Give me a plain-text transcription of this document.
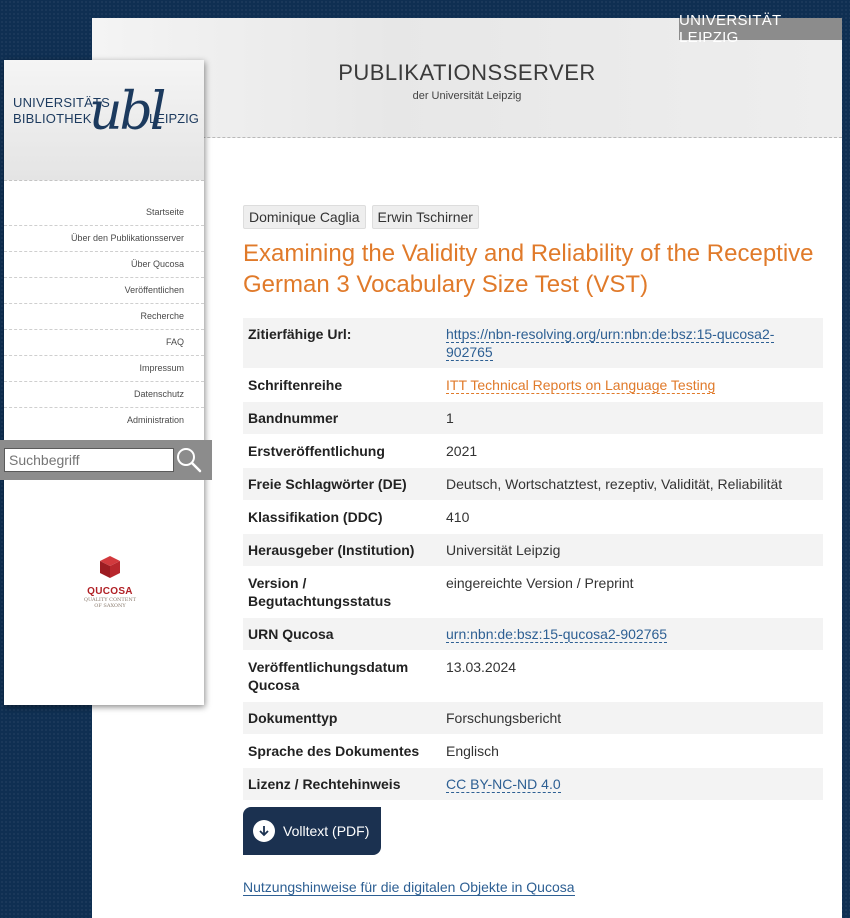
UNIVERSITÄT LEIPZIG
PUBLIKATIONSSERVER
der Universität Leipzig
UNIVERSITÄTS
BIBLIOTHEK
ubl
LEIPZIG
Startseite
Über den Publikationsserver
Über Qucosa
Veröffentlichen
Recherche
FAQ
Impressum
Datenschutz
Administration
QUCOSA
QUALITY CONTENT
OF SAXONY
Suchbegriff
Dominique Caglia	Erwin Tschirner
Examining the Validity and Reliability of the Receptive German 3 Vocabulary Size Test (VST)
Zitierfähige Url:	https://nbn-resolving.org/urn:nbn:de:bsz:15-qucosa2-902765
Schriftenreihe	ITT Technical Reports on Language Testing
Bandnummer	1
Erstveröffentlichung	2021
Freie Schlagwörter (DE)	Deutsch, Wortschatztest, rezeptiv, Validität, Reliabilität
Klassifikation (DDC)	410
Herausgeber (Institution)	Universität Leipzig
Version / Begutachtungsstatus	eingereichte Version / Preprint
URN Qucosa	urn:nbn:de:bsz:15-qucosa2-902765
Veröffentlichungsdatum Qucosa	13.03.2024
Dokumenttyp	Forschungsbericht
Sprache des Dokumentes	Englisch
Lizenz / Rechtehinweis	CC BY-NC-ND 4.0
Volltext (PDF)
Nutzungshinweise für die digitalen Objekte in Qucosa
